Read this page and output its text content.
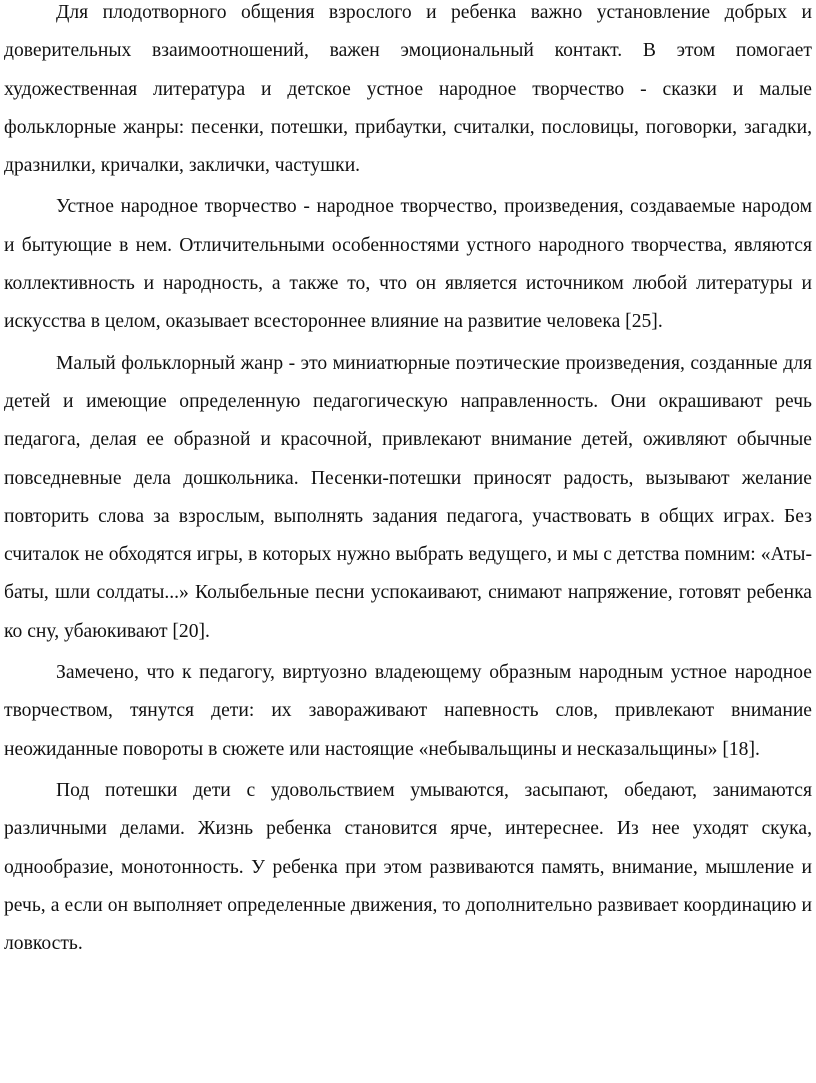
Для плодотворного общения взрослого и ребенка важно установление добрых и доверительных взаимоотношений, важен эмоциональный контакт. В этом помогает художественная литература и детское устное народное творчество - сказки и малые фольклорные жанры: песенки, потешки, прибаутки, считалки, пословицы, поговорки, загадки, дразнилки, кричалки, заклички, частушки.

Устное народное творчество - народное творчество, произведения, создаваемые народом и бытующие в нем. Отличительными особенностями устного народного творчества, являются коллективность и народность, а также то, что он является источником любой литературы и искусства в целом, оказывает всестороннее влияние на развитие человека [25].

Малый фольклорный жанр - это миниатюрные поэтические произведения, созданные для детей и имеющие определенную педагогическую направленность. Они окрашивают речь педагога, делая ее образной и красочной, привлекают внимание детей, оживляют обычные повседневные дела дошкольника. Песенки-потешки приносят радость, вызывают желание повторить слова за взрослым, выполнять задания педагога, участвовать в общих играх. Без считалок не обходятся игры, в которых нужно выбрать ведущего, и мы с детства помним: «Аты-баты, шли солдаты...» Колыбельные песни успокаивают, снимают напряжение, готовят ребенка ко сну, убаюкивают [20].

Замечено, что к педагогу, виртуозно владеющему образным народным устное народное творчеством, тянутся дети: их завораживают напевность слов, привлекают внимание неожиданные повороты в сюжете или настоящие «небывальщины и несказальщины» [18].

Под потешки дети с удовольствием умываются, засыпают, обедают, занимаются различными делами. Жизнь ребенка становится ярче, интереснее. Из нее уходят скука, однообразие, монотонность. У ребенка при этом развиваются память, внимание, мышление и речь, а если он выполняет определенные движения, то дополнительно развивает координацию и ловкость.
